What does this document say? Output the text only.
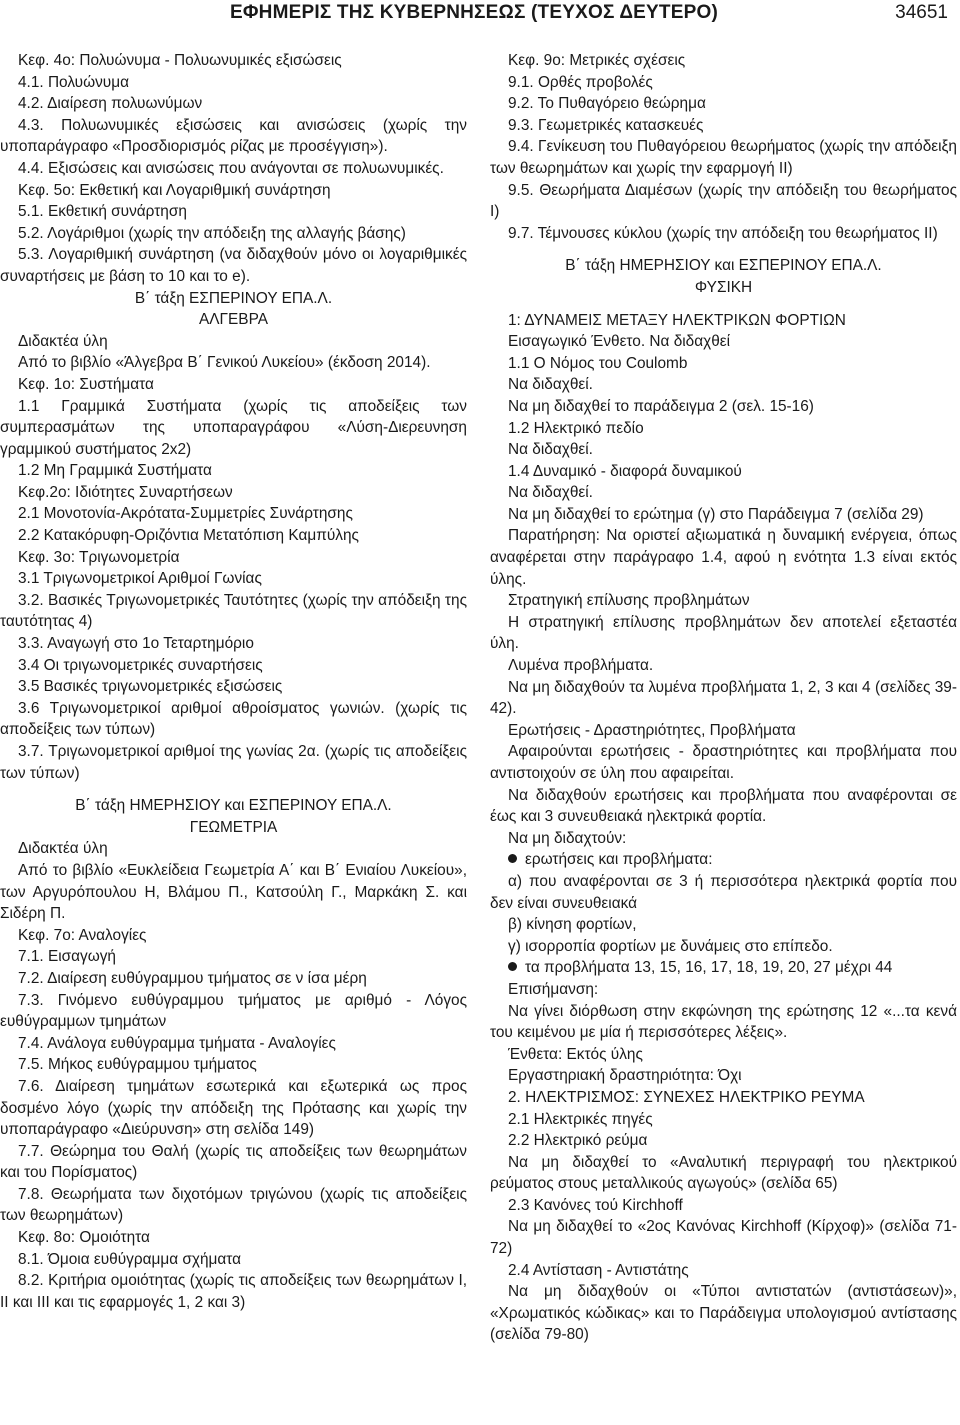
ΕΦΗΜΕΡΙΣ ΤΗΣ ΚΥΒΕΡΝΗΣΕΩΣ (ΤΕΥΧΟΣ ΔΕΥΤΕΡΟ)	34651

Κεφ. 4ο: Πολυώνυμα - Πολυωνυμικές εξισώσεις

4.1. Πολυώνυμα

4.2. Διαίρεση πολυωνύμων

4.3. Πολυωνυμικές εξισώσεις και ανισώσεις (χωρίς την υποπαράγραφο «Προσδιορισμός ρίζας με προσέγγιση»).

4.4. Εξισώσεις και ανισώσεις που ανάγονται σε πολυωνυμικές.

Κεφ. 5ο: Εκθετική και Λογαριθμική συνάρτηση

5.1. Εκθετική συνάρτηση

5.2. Λογάριθμοι (χωρίς την απόδειξη της αλλαγής βάσης)

5.3. Λογαριθμική συνάρτηση (να διδαχθούν μόνο οι λογαριθμικές συναρτήσεις με βάση το 10 και το e).

Β΄ τάξη ΕΣΠΕΡΙΝΟΥ ΕΠΑ.Λ.

ΑΛΓΕΒΡΑ

Διδακτέα ύλη

Από το βιβλίο «Άλγεβρα Β΄ Γενικού Λυκείου» (έκδοση 2014).

Κεφ. 1ο: Συστήματα

1.1 Γραμμικά Συστήματα (χωρίς τις αποδείξεις των συμπερασμάτων της υποπαραγράφου «Λύση-Διερευνηση γραμμικού συστήματος 2x2)

1.2 Μη Γραμμικά Συστήματα

Κεφ.2ο: Ιδιότητες Συναρτήσεων

2.1 Μονοτονία-Ακρότατα-Συμμετρίες Συνάρτησης

2.2 Κατακόρυφη-Οριζόντια Μετατόπιση Καμπύλης

Κεφ. 3ο: Τριγωνομετρία

3.1 Τριγωνομετρικοί Αριθμοί Γωνίας

3.2. Βασικές Τριγωνομετρικές Ταυτότητες (χωρίς την απόδειξη της ταυτότητας 4)

3.3. Αναγωγή στο 1ο Τεταρτημόριο

3.4 Οι τριγωνομετρικές συναρτήσεις

3.5 Βασικές τριγωνομετρικές εξισώσεις

3.6 Τριγωνομετρικοί αριθμοί αθροίσματος γωνιών. (χωρίς τις αποδείξεις των τύπων)

3.7. Τριγωνομετρικοί αριθμοί της γωνίας 2α. (χωρίς τις αποδείξεις των τύπων)

Β΄ τάξη ΗΜΕΡΗΣΙΟΥ και ΕΣΠΕΡΙΝΟΥ ΕΠΑ.Λ.

ΓΕΩΜΕΤΡΙΑ

Διδακτέα ύλη

Από το βιβλίο «Ευκλείδεια Γεωμετρία Α΄ και Β΄ Ενιαίου Λυκείου», των Αργυρόπουλου Η, Βλάμου Π., Κατσούλη Γ., Μαρκάκη Σ. και Σιδέρη Π.

Κεφ. 7ο: Αναλογίες

7.1. Εισαγωγή

7.2. Διαίρεση ευθύγραμμου τμήματος σε ν ίσα μέρη

7.3. Γινόμενο ευθύγραμμου τμήματος με αριθμό - Λόγος ευθύγραμμων τμημάτων

7.4. Ανάλογα ευθύγραμμα τμήματα - Αναλογίες

7.5. Μήκος ευθύγραμμου τμήματος

7.6. Διαίρεση τμημάτων εσωτερικά και εξωτερικά ως προς δοσμένο λόγο (χωρίς την απόδειξη της Πρότασης και χωρίς την υποπαράγραφο «Διεύρυνση» στη σελίδα 149)

7.7. Θεώρημα του Θαλή (χωρίς τις αποδείξεις των θεωρημάτων και του Πορίσματος)

7.8. Θεωρήματα των διχοτόμων τριγώνου (χωρίς τις αποδείξεις των θεωρημάτων)

Κεφ. 8ο: Ομοιότητα

8.1. Όμοια ευθύγραμμα σχήματα

8.2. Κριτήρια ομοιότητας (χωρίς τις αποδείξεις των θεωρημάτων I, II και III και τις εφαρμογές 1, 2 και 3)

Κεφ. 9ο: Μετρικές σχέσεις

9.1. Ορθές προβολές

9.2. Το Πυθαγόρειο θεώρημα

9.3. Γεωμετρικές κατασκευές

9.4. Γενίκευση του Πυθαγόρειου θεωρήματος (χωρίς την απόδειξη των θεωρημάτων και χωρίς την εφαρμογή II)

9.5. Θεωρήματα Διαμέσων (χωρίς την απόδειξη του θεωρήματος I)

9.7. Τέμνουσες κύκλου (χωρίς την απόδειξη του θεωρήματος II)

Β΄ τάξη ΗΜΕΡΗΣΙΟΥ και ΕΣΠΕΡΙΝΟΥ ΕΠΑ.Λ.

ΦΥΣΙΚΗ

1: ΔΥΝΑΜΕΙΣ ΜΕΤΑΞΥ ΗΛΕΚΤΡΙΚΩΝ ΦΟΡΤΙΩΝ

Εισαγωγικό Ένθετο. Να διδαχθεί

1.1 Ο Νόμος του Coulomb

Να διδαχθεί.

Να μη διδαχθεί το παράδειγμα 2 (σελ. 15-16)

1.2 Ηλεκτρικό πεδίο

Να διδαχθεί.

1.4 Δυναμικό - διαφορά δυναμικού

Να διδαχθεί.

Να μη διδαχθεί το ερώτημα (γ) στο Παράδειγμα 7 (σελίδα 29)

Παρατήρηση: Να οριστεί αξιωματικά η δυναμική ενέργεια, όπως αναφέρεται στην παράγραφο 1.4, αφού η ενότητα 1.3 είναι εκτός ύλης.

Στρατηγική επίλυσης προβλημάτων

Η στρατηγική επίλυσης προβλημάτων δεν αποτελεί εξεταστέα ύλη.

Λυμένα προβλήματα.

Να μη διδαχθούν τα λυμένα προβλήματα 1, 2, 3 και 4 (σελίδες 39-42).

Ερωτήσεις - Δραστηριότητες, Προβλήματα

Αφαιρούνται ερωτήσεις - δραστηριότητες και προβλήματα που αντιστοιχούν σε ύλη που αφαιρείται.

Να διδαχθούν ερωτήσεις και προβλήματα που αναφέρονται σε έως και 3 συνευθειακά ηλεκτρικά φορτία.

Να μη διδαχτούν:

ερωτήσεις και προβλήματα:

α) που αναφέρονται σε 3 ή περισσότερα ηλεκτρικά φορτία που δεν είναι συνευθειακά

β) κίνηση φορτίων,

γ) ισορροπία φορτίων με δυνάμεις στο επίπεδο.

τα προβλήματα 13, 15, 16, 17, 18, 19, 20, 27 μέχρι 44

Επισήμανση:

Να γίνει διόρθωση στην εκφώνηση της ερώτησης 12 «...τα κενά του κειμένου με μία ή περισσότερες λέξεις».

Ένθετα: Εκτός ύλης

Εργαστηριακή δραστηριότητα: Όχι

2. ΗΛΕΚΤΡΙΣΜΟΣ: ΣΥΝΕΧΕΣ ΗΛΕΚΤΡΙΚΟ ΡΕΥΜΑ

2.1 Ηλεκτρικές πηγές

2.2 Ηλεκτρικό ρεύμα

Να μη διδαχθεί το «Αναλυτική περιγραφή του ηλεκτρικού ρεύματος στους μεταλλικούς αγωγούς» (σελίδα 65)

2.3 Κανόνες τού Kirchhoff

Να μη διδαχθεί το «2ος Κανόνας Kirchhoff (Κίρχοφ)» (σελίδα 71-72)

2.4 Αντίσταση - Αντιστάτης

Να μη διδαχθούν οι «Τύποι αντιστατών (αντιστάσεων)», «Χρωματικός κώδικας» και το Παράδειγμα υπολογισμού αντίστασης (σελίδα 79-80)
